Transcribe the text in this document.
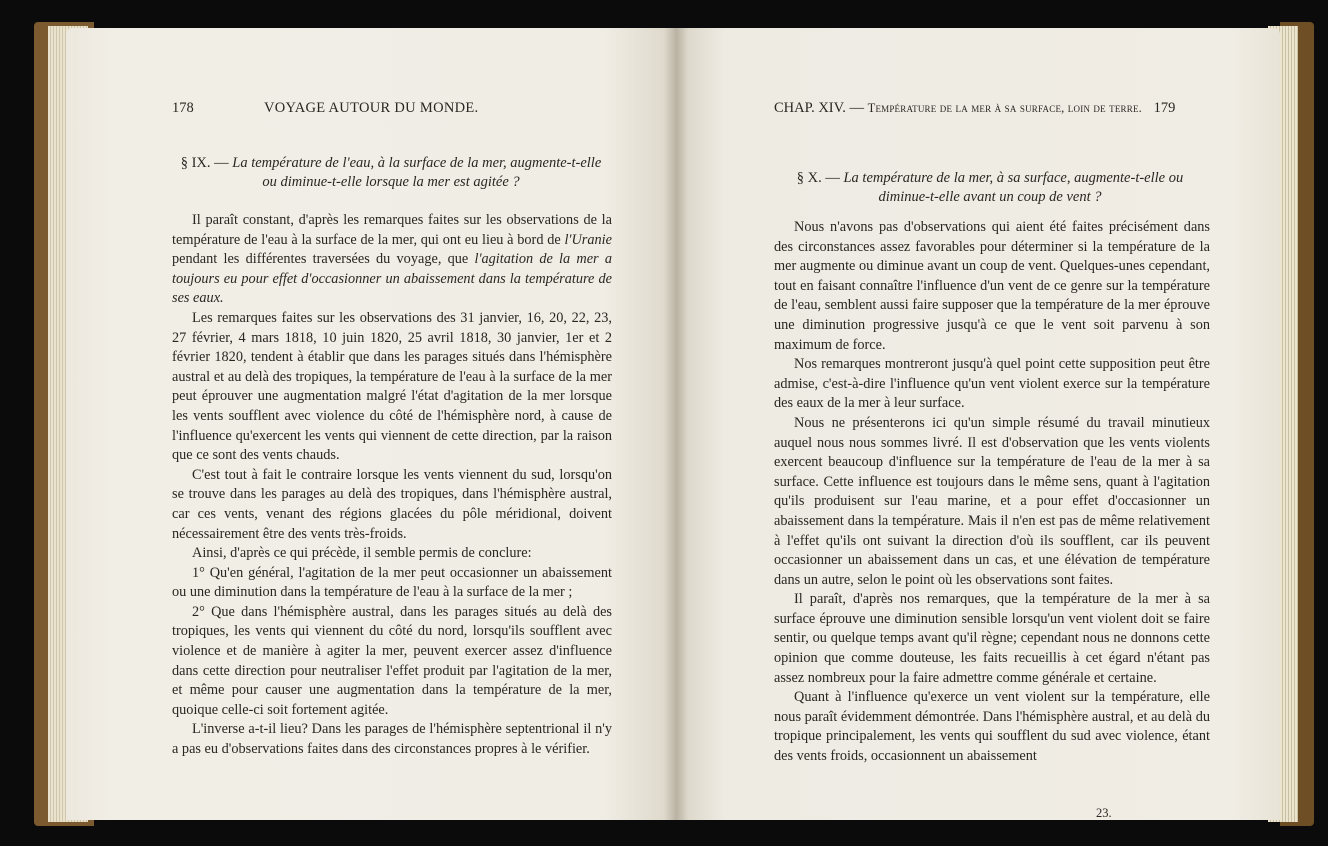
178	VOYAGE AUTOUR DU MONDE.
§ IX. — La température de l'eau, à la surface de la mer, augmente-t-elle ou diminue-t-elle lorsque la mer est agitée ?

Il paraît constant, d'après les remarques faites sur les observations de la température de l'eau à la surface de la mer, qui ont eu lieu à bord de l'Uranie pendant les différentes traversées du voyage, que l'agitation de la mer a toujours eu pour effet d'occasionner un abaissement dans la température de ses eaux.

Les remarques faites sur les observations des 31 janvier, 16, 20, 22, 23, 27 février, 4 mars 1818, 10 juin 1820, 25 avril 1818, 30 janvier, 1er et 2 février 1820, tendent à établir que dans les parages situés dans l'hémisphère austral et au delà des tropiques, la température de l'eau à la surface de la mer peut éprouver une augmentation malgré l'état d'agitation de la mer lorsque les vents soufflent avec violence du côté de l'hémisphère nord, à cause de l'influence qu'exercent les vents qui viennent de cette direction, par la raison que ce sont des vents chauds.

C'est tout à fait le contraire lorsque les vents viennent du sud, lorsqu'on se trouve dans les parages au delà des tropiques, dans l'hémisphère austral, car ces vents, venant des régions glacées du pôle méridional, doivent nécessairement être des vents très-froids.

Ainsi, d'après ce qui précède, il semble permis de conclure:

1° Qu'en général, l'agitation de la mer peut occasionner un abaissement ou une diminution dans la température de l'eau à la surface de la mer ;

2° Que dans l'hémisphère austral, dans les parages situés au delà des tropiques, les vents qui viennent du côté du nord, lorsqu'ils soufflent avec violence et de manière à agiter la mer, peuvent exercer assez d'influence dans cette direction pour neutraliser l'effet produit par l'agitation de la mer, et même pour causer une augmentation dans la température de la mer, quoique celle-ci soit fortement agitée.

L'inverse a-t-il lieu? Dans les parages de l'hémisphère septentrional il n'y a pas eu d'observations faites dans des circonstances propres à le vérifier.

CHAP. XIV. — Température de la mer à sa surface, loin de terre. 179
§ X. — La température de la mer, à sa surface, augmente-t-elle ou diminue-t-elle avant un coup de vent ?

Nous n'avons pas d'observations qui aient été faites précisément dans des circonstances assez favorables pour déterminer si la température de la mer augmente ou diminue avant un coup de vent. Quelques-unes cependant, tout en faisant connaître l'influence d'un vent de ce genre sur la température de l'eau, semblent aussi faire supposer que la température de la mer éprouve une diminution progressive jusqu'à ce que le vent soit parvenu à son maximum de force.

Nos remarques montreront jusqu'à quel point cette supposition peut être admise, c'est-à-dire l'influence qu'un vent violent exerce sur la température des eaux de la mer à leur surface.

Nous ne présenterons ici qu'un simple résumé du travail minutieux auquel nous nous sommes livré. Il est d'observation que les vents violents exercent beaucoup d'influence sur la température de l'eau de la mer à sa surface. Cette influence est toujours dans le même sens, quant à l'agitation qu'ils produisent sur l'eau marine, et a pour effet d'occasionner un abaissement dans la température. Mais il n'en est pas de même relativement à l'effet qu'ils ont suivant la direction d'où ils soufflent, car ils peuvent occasionner un abaissement dans un cas, et une élévation de température dans un autre, selon le point où les observations sont faites.

Il paraît, d'après nos remarques, que la température de la mer à sa surface éprouve une diminution sensible lorsqu'un vent violent doit se faire sentir, ou quelque temps avant qu'il règne; cependant nous ne donnons cette opinion que comme douteuse, les faits recueillis à cet égard n'étant pas assez nombreux pour la faire admettre comme générale et certaine.

Quant à l'influence qu'exerce un vent violent sur la température, elle nous paraît évidemment démontrée. Dans l'hémisphère austral, et au delà du tropique principalement, les vents qui soufflent du sud avec violence, étant des vents froids, occasionnent un abaissement

23.
